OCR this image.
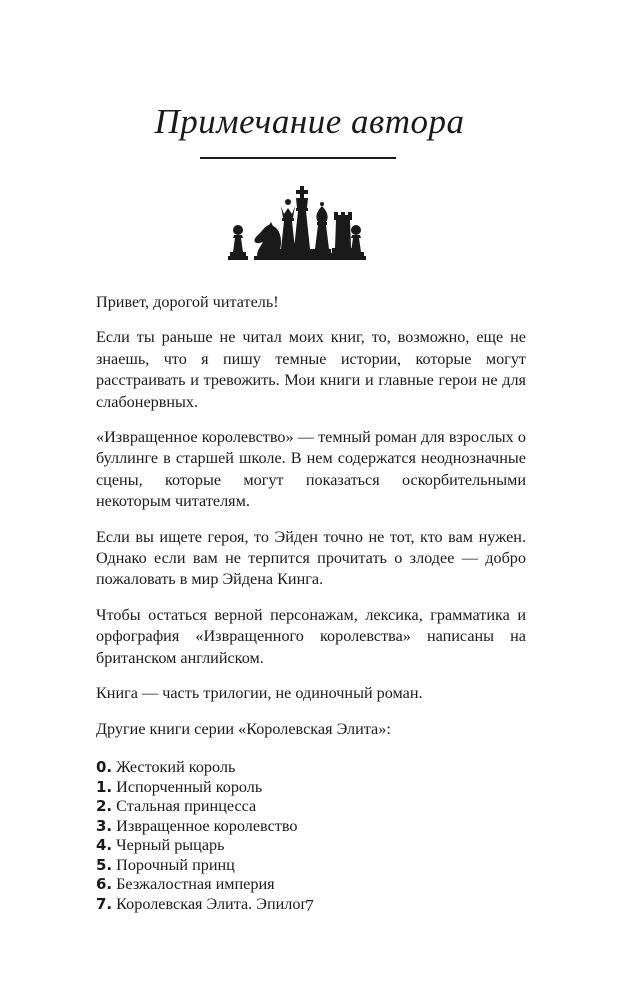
Примечание автора

Привет, дорогой читатель!

Если ты раньше не читал моих книг, то, возможно, еще не знаешь, что я пишу темные истории, которые могут расстраивать и тревожить. Мои книги и главные герои не для слабонервных.

«Извращенное королевство» — темный роман для взрослых о буллинге в старшей школе. В нем содержатся неоднозначные сцены, которые могут показаться оскорбительными некоторым читателям.

Если вы ищете героя, то Эйден точно не тот, кто вам нужен. Однако если вам не терпится прочитать о злодее — добро пожаловать в мир Эйдена Кинга.

Чтобы остаться верной персонажам, лексика, грамматика и орфография «Извращенного королевства» написаны на британском английском.

Книга — часть трилогии, не одиночный роман.

Другие книги серии «Королевская Элита»:

0. Жестокий король
1. Испорченный король
2. Стальная принцесса
3. Извращенное королевство
4. Черный рыцарь
5. Порочный принц
6. Безжалостная империя
7. Королевская Элита. Эпилог
7
